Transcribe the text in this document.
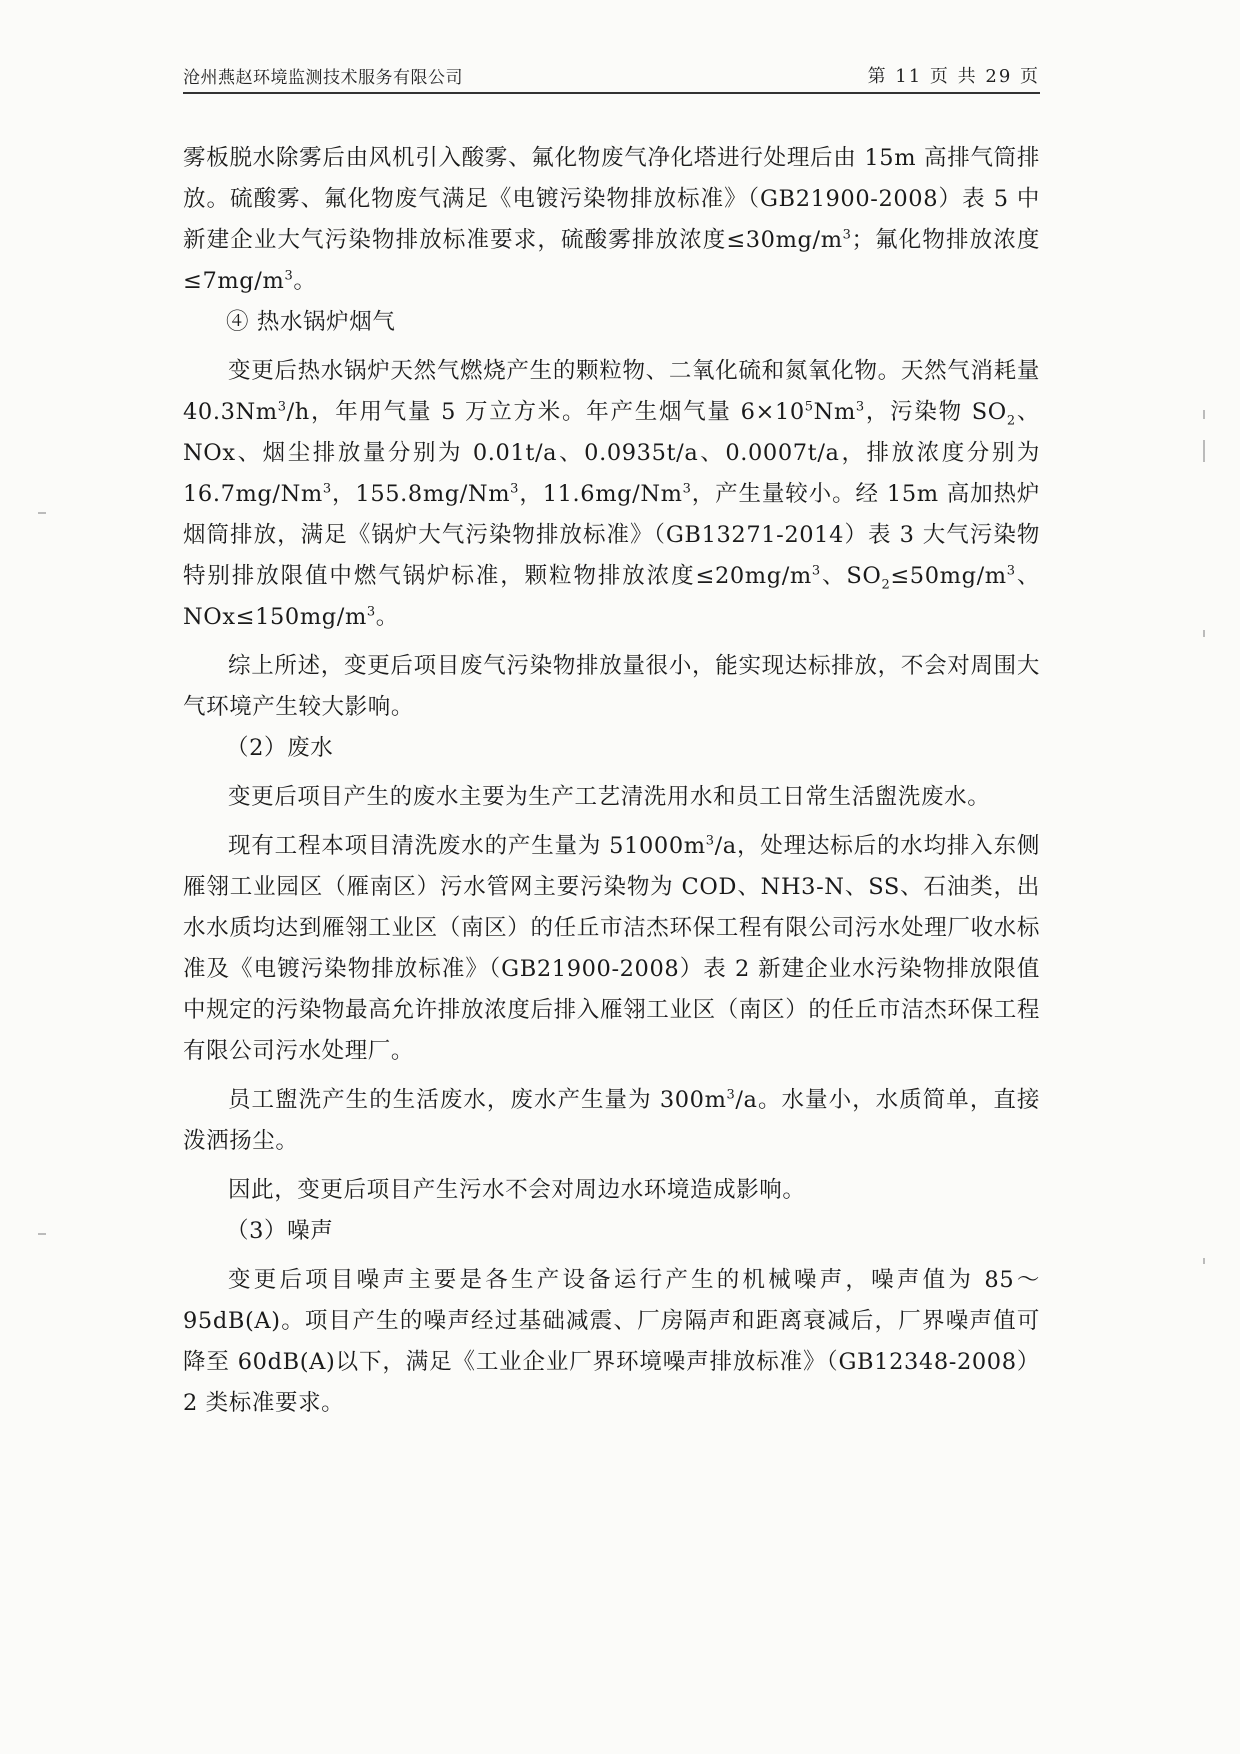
沧州燕赵环境监测技术服务有限公司	第 11 页 共 29 页

雾板脱水除雾后由风机引入酸雾、氟化物废气净化塔进行处理后由 15m 高排气筒排放。硫酸雾、氟化物废气满足《电镀污染物排放标准》（GB21900-2008）表 5 中新建企业大气污染物排放标准要求，硫酸雾排放浓度$\le 30mg/m^3$；氟化物排放浓度$\le 7mg/m^3$。

④ 热水锅炉烟气

变更后热水锅炉天然气燃烧产生的颗粒物、二氧化硫和氮氧化物。天然气消耗量 40.3Nm$^3$/h，年用气量 5 万立方米。年产生烟气量 $6\times 10^5Nm^3$，污染物 $SO_2$、NOx、烟尘排放量分别为 0.01t/a、0.0935t/a、0.0007t/a，排放浓度分别为 16.7mg/Nm$^3$，155.8mg/Nm$^3$，11.6mg/Nm$^3$，产生量较小。经 15m 高加热炉烟筒排放，满足《锅炉大气污染物排放标准》（GB13271-2014）表 3 大气污染物特别排放限值中燃气锅炉标准，颗粒物排放浓度$\le 20mg/m^3$、$SO_2\le 50mg/m^3$、$NOx\le 150mg/m^3$。

综上所述，变更后项目废气污染物排放量很小，能实现达标排放，不会对周围大气环境产生较大影响。

（2）废水

变更后项目产生的废水主要为生产工艺清洗用水和员工日常生活盥洗废水。

现有工程本项目清洗废水的产生量为 $51000m^3/a$，处理达标后的水均排入东侧雁翎工业园区（雁南区）污水管网主要污染物为 COD、NH3-N、SS、石油类，出水水质均达到雁翎工业区（南区）的任丘市洁杰环保工程有限公司污水处理厂收水标准及《电镀污染物排放标准》（GB21900-2008）表 2 新建企业水污染物排放限值中规定的污染物最高允许排放浓度后排入雁翎工业区（南区）的任丘市洁杰环保工程有限公司污水处理厂。

员工盥洗产生的生活废水，废水产生量为 $300m^3/a$。水量小，水质简单，直接泼洒扬尘。

因此，变更后项目产生污水不会对周边水环境造成影响。

（3）噪声

变更后项目噪声主要是各生产设备运行产生的机械噪声，噪声值为 85～95dB(A)。项目产生的噪声经过基础减震、厂房隔声和距离衰减后，厂界噪声值可降至 60dB(A)以下，满足《工业企业厂界环境噪声排放标准》（GB12348-2008）2 类标准要求。
